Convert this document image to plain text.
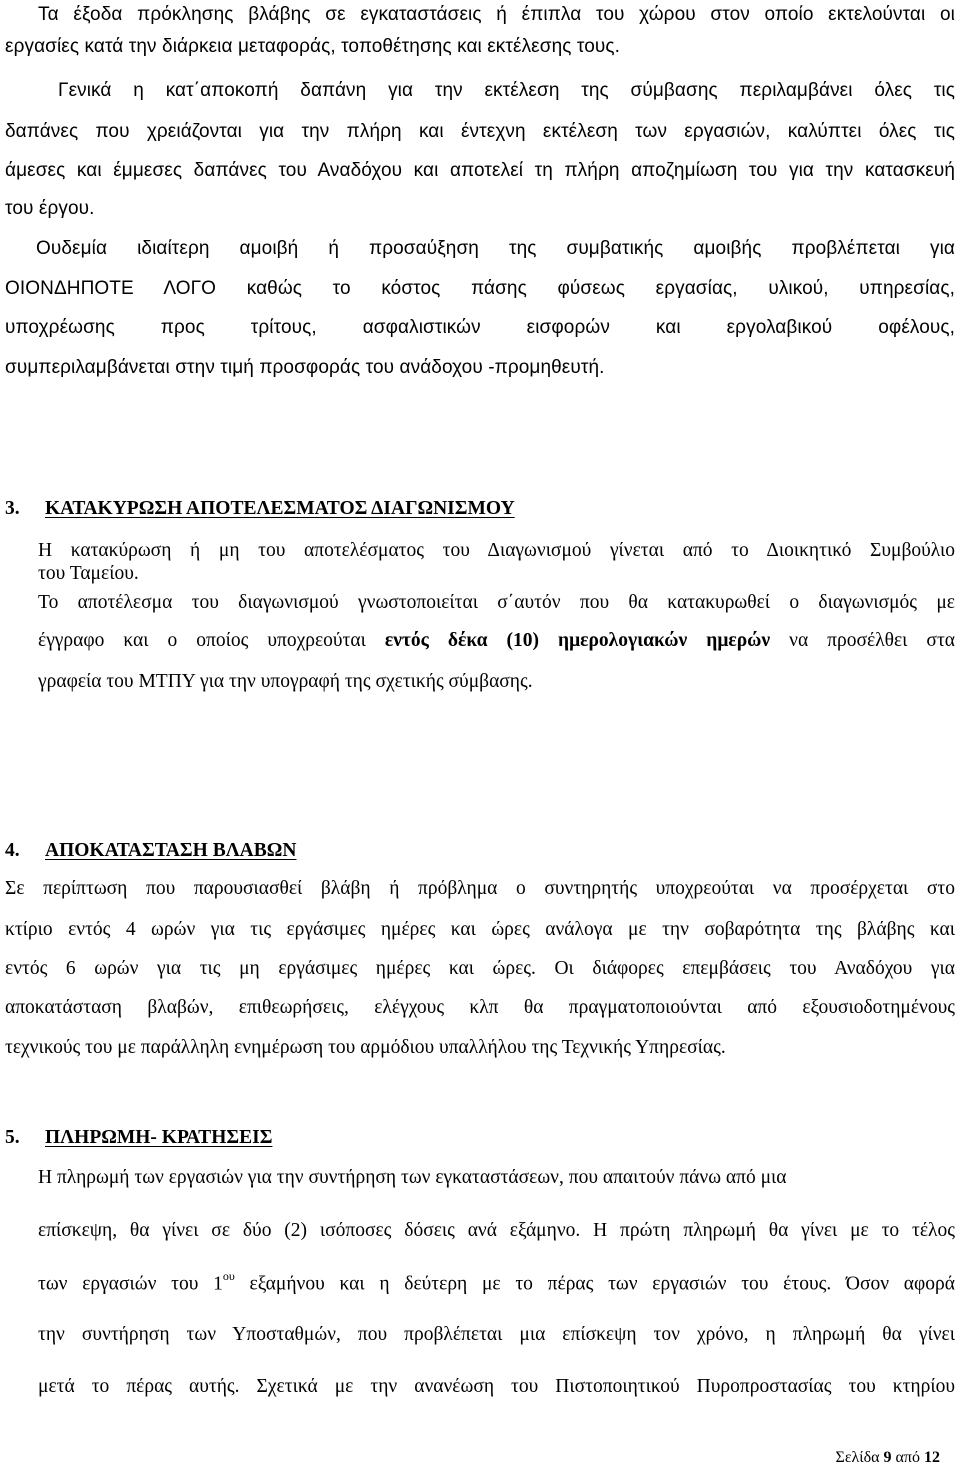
Τα έξοδα πρόκλησης βλάβης σε εγκαταστάσεις ή έπιπλα του χώρου στον οποίο εκτελούνται οι

εργασίες κατά την διάρκεια μεταφοράς, τοποθέτησης και εκτέλεσης τους.

Γενικά η κατ΄αποκοπή δαπάνη για την εκτέλεση της σύμβασης περιλαμβάνει όλες τις

δαπάνες που χρειάζονται για την πλήρη και έντεχνη εκτέλεση των εργασιών, καλύπτει όλες τις

άμεσες και έμμεσες δαπάνες του Αναδόχου και αποτελεί τη πλήρη αποζημίωση του για την κατασκευή

του έργου.

Ουδεμία ιδιαίτερη αμοιβή ή προσαύξηση της συμβατικής αμοιβής προβλέπεται για

ΟΙΟΝΔΗΠΟΤΕ ΛΟΓΟ καθώς το κόστος πάσης φύσεως εργασίας, υλικού, υπηρεσίας,

υποχρέωσης προς τρίτους, ασφαλιστικών εισφορών και εργολαβικού οφέλους,

συμπεριλαμβάνεται στην τιμή προσφοράς του ανάδοχου -προμηθευτή.

3. ΚΑΤΑΚΥΡΩΣΗ ΑΠΟΤΕΛΕΣΜΑΤΟΣ ΔΙΑΓΩΝΙΣΜΟΥ

Η κατακύρωση ή μη του αποτελέσματος του Διαγωνισμού γίνεται από το Διοικητικό Συμβούλιο

του Ταμείου.

Το αποτέλεσμα του διαγωνισμού γνωστοποιείται σ΄αυτόν που θα κατακυρωθεί ο διαγωνισμός με

έγγραφο και ο οποίος υποχρεούται εντός δέκα (10) ημερολογιακών ημερών να προσέλθει στα

γραφεία του ΜΤΠΥ για την υπογραφή της σχετικής σύμβασης.

4. ΑΠΟΚΑΤΑΣΤΑΣΗ ΒΛΑΒΩΝ

Σε περίπτωση που παρουσιασθεί βλάβη ή πρόβλημα ο συντηρητής υποχρεούται να προσέρχεται στο

κτίριο εντός 4 ωρών για τις εργάσιμες ημέρες και ώρες ανάλογα με την σοβαρότητα της βλάβης και

εντός 6 ωρών για τις μη εργάσιμες ημέρες και ώρες. Οι διάφορες επεμβάσεις του Αναδόχου για

αποκατάσταση βλαβών, επιθεωρήσεις, ελέγχους κλπ θα πραγματοποιούνται από εξουσιοδοτημένους

τεχνικούς του με παράλληλη ενημέρωση του αρμόδιου υπαλλήλου της Τεχνικής Υπηρεσίας.

5. ΠΛΗΡΩΜΗ- ΚΡΑΤΗΣΕΙΣ

Η πληρωμή των εργασιών για την συντήρηση των εγκαταστάσεων, που απαιτούν πάνω από μια

επίσκεψη, θα γίνει σε δύο (2) ισόποσες δόσεις ανά εξάμηνο. Η πρώτη πληρωμή θα γίνει με το τέλος

των εργασιών του $1^{o\upsilon}$ εξαμήνου και η δεύτερη με το πέρας των εργασιών του έτους. Όσον αφορά

την συντήρηση των Υποσταθμών, που προβλέπεται μια επίσκεψη τον χρόνο, η πληρωμή θα γίνει

μετά το πέρας αυτής. Σχετικά με την ανανέωση του Πιστοποιητικού Πυροπροστασίας του κτηρίου

Σελίδα 9 από 12
